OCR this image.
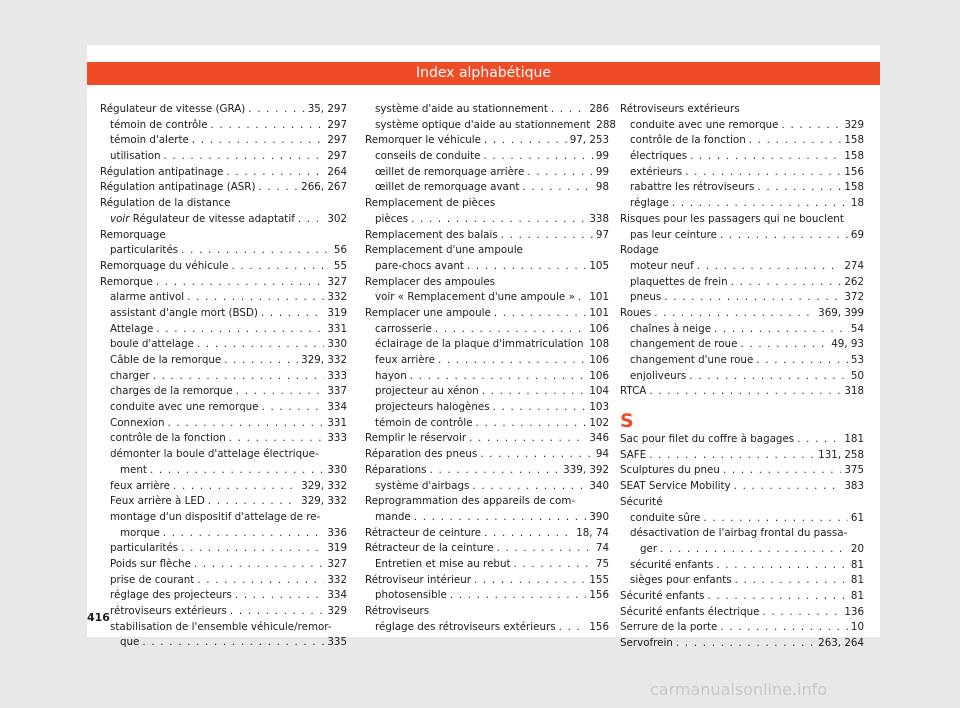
Index alphabétique
Régulateur de vitesse (GRA) . . .	35, 297
témoin de contrôle . . .	297
témoin d'alerte . . .	297
utilisation . . .	297
Régulation antipatinage . . .	264
Régulation antipatinage (ASR) . . .	266, 267
Régulation de la distance
voir Régulateur de vitesse adaptatif . . .	302
Remorquage
particularités . . .	56
Remorquage du véhicule . . .	55
Remorque . . .	327
alarme antivol . . .	332
assistant d'angle mort (BSD) . . .	319
Attelage . . .	331
boule d'attelage . . .	330
Câble de la remorque . . .	329, 332
charger . . .	333
charges de la remorque . . .	337
conduite avec une remorque . . .	334
Connexion . . .	331
contrôle de la fonction . . .	333
démonter la boule d'attelage électrique-
ment . . .	330
feux arrière . . .	329, 332
Feux arrière à LED . . .	329, 332
montage d'un dispositif d'attelage de re-
morque . . .	336
particularités . . .	319
Poids sur flèche . . .	327
prise de courant . . .	332
réglage des projecteurs . . .	334
rétroviseurs extérieurs . . .	329
stabilisation de l'ensemble véhicule/remor-
que . . .	335
système d'aide au stationnement . . .	286
système optique d'aide au stationnement 288
Remorquer le véhicule . . .	97, 253
conseils de conduite . . .	99
œillet de remorquage arrière . . .	99
œillet de remorquage avant . . .	98
Remplacement de pièces
pièces . . .	338
Remplacement des balais . . .	97
Remplacement d'une ampoule
pare-chocs avant . . .	105
Remplacer des ampoules
voir « Remplacement d'une ampoule » . . . 101
Remplacer une ampoule . . .	101
carrosserie . . .	106
éclairage de la plaque d'immatriculation 108
feux arrière . . .	106
hayon . . .	106
projecteur au xénon . . .	104
projecteurs halogènes . . .	103
témoin de contrôle . . .	102
Remplir le réservoir . . .	346
Réparation des pneus . . .	94
Réparations . . .	339, 392
système d'airbags . . .	340
Reprogrammation des appareils de com-
mande . . .	390
Rétracteur de ceinture . . .	18, 74
Rétracteur de la ceinture . . .	74
Entretien et mise au rebut . . .	75
Rétroviseur intérieur . . .	155
photosensible . . .	156
Rétroviseurs
réglage des rétroviseurs extérieurs . . .	156
Rétroviseurs extérieurs
conduite avec une remorque . . .	329
contrôle de la fonction . . .	158
électriques . . .	158
extérieurs . . .	156
rabattre les rétroviseurs . . .	158
réglage . . .	18
Risques pour les passagers qui ne bouclent
pas leur ceinture . . .	69
Rodage
moteur neuf . . .	274
plaquettes de frein . . .	262
pneus . . .	372
Roues . . .	369, 399
chaînes à neige . . .	54
changement de roue . . .	49, 93
changement d'une roue . . .	53
enjoliveurs . . .	50
RTCA . . .	318
S
Sac pour filet du coffre à bagages . . .	181
SAFE . . .	131, 258
Sculptures du pneu . . .	375
SEAT Service Mobility . . .	383
Sécurité
conduite sûre . . .	61
désactivation de l'airbag frontal du passa-
ger . . .	20
sécurité enfants . . .	81
sièges pour enfants . . .	81
Sécurité enfants . . .	81
Sécurité enfants électrique . . .	136
Serrure de la porte . . .	10
Servofrein . . .	263, 264
416
carmanualsonline.info
